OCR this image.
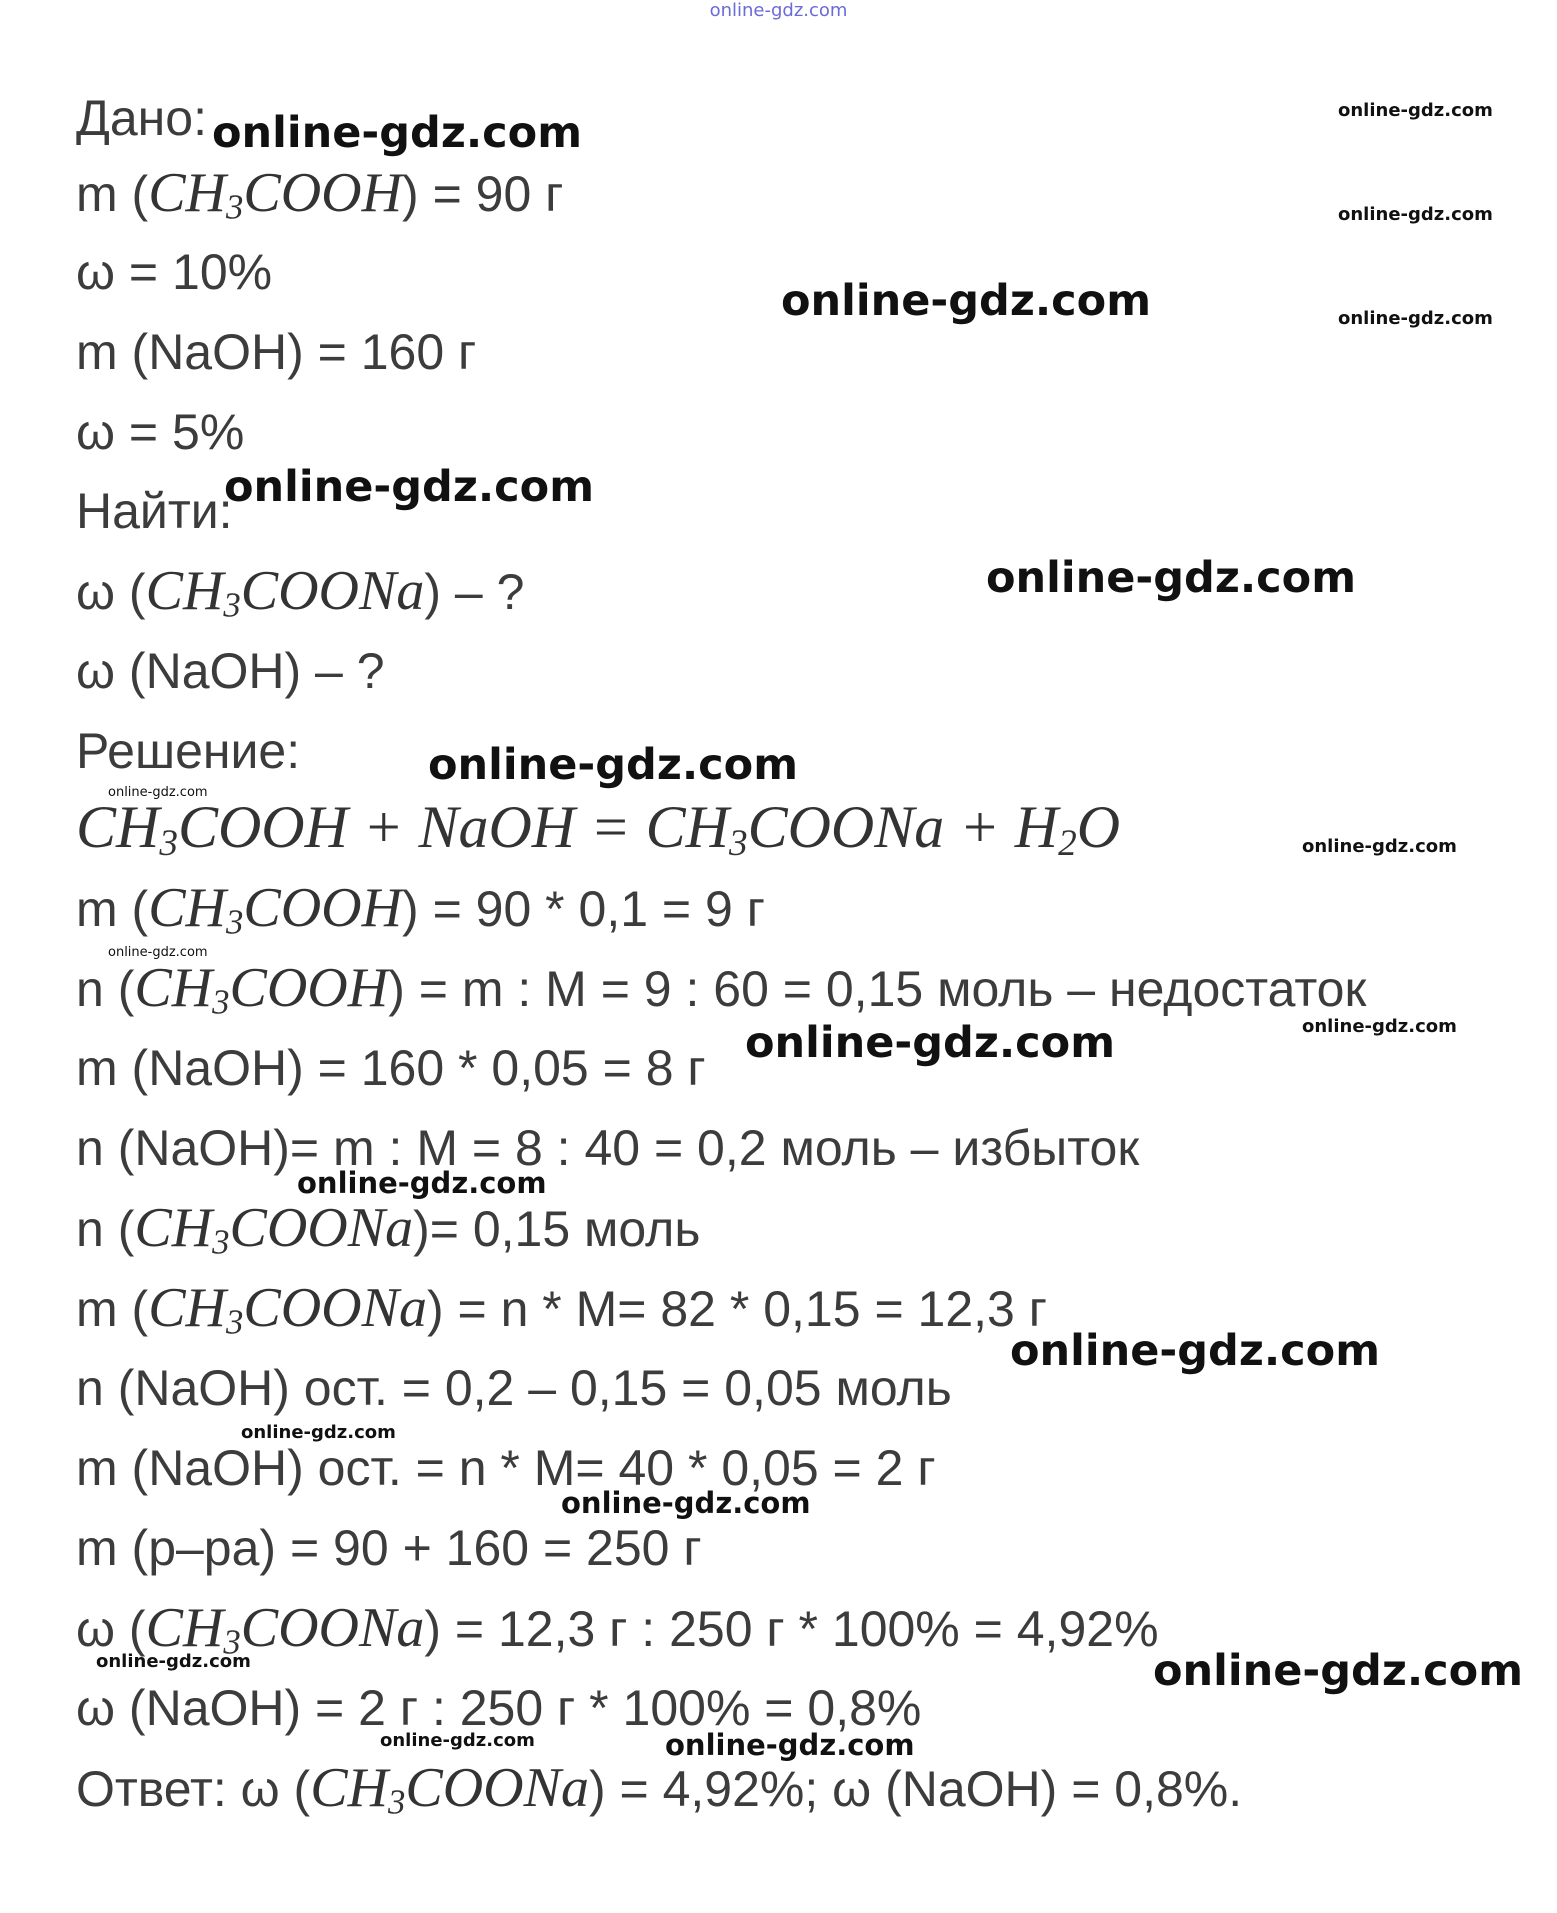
online-gdz.com
Дано:
m $(CH_3COOH) = 90$ г
ω = 10%
m (NaOH) = 160 г
ω = 5%
Найти:
ω $(CH_3COONa)$ – ?
ω (NaOH) – ?
Решение:
$CH_3COOH$ + NaOH = $CH_3COONa + H_2O$
m $(CH_3COOH) = 90 * 0,1 = 9$ г
n $(CH_3COOH) = m$ : M = 9 : 60 = 0,15 моль – недостаток
m (NaOH) = 160 * 0,05 = 8 г
n (NaOH)= m : M = 8 : 40 = 0,2 моль – избыток
n $(CH_3COONa)= 0,15$ моль
m $(CH_3COONa) = n * M= 82 * 0,15 = 12,3$ г
n (NaOH) ост. = 0,2 – 0,15 = 0,05 моль
m (NaOH) ост. = n * M= 40 * 0,05 = 2 г
m (р–ра) = 90 + 160 = 250 г
ω $(CH_3COONa) = 12,3$ г : 250 г * 100% = 4,92%
ω (NaOH) = 2 г : 250 г * 100% = 0,8%
Ответ: ω $(CH_3COONa) = 4,92\%$; ω (NaOH) = 0,8%.
online-gdz.com	online-gdz.com
online-gdz.com
online-gdz.com	online-gdz.com
online-gdz.com
online-gdz.com
online-gdz.com
online-gdz.com
online-gdz.com
online-gdz.com
online-gdz.com
online-gdz.com
online-gdz.com
online-gdz.com
online-gdz.com
online-gdz.com
online-gdz.com	online-gdz.com
online-gdz.com	online-gdz.com
